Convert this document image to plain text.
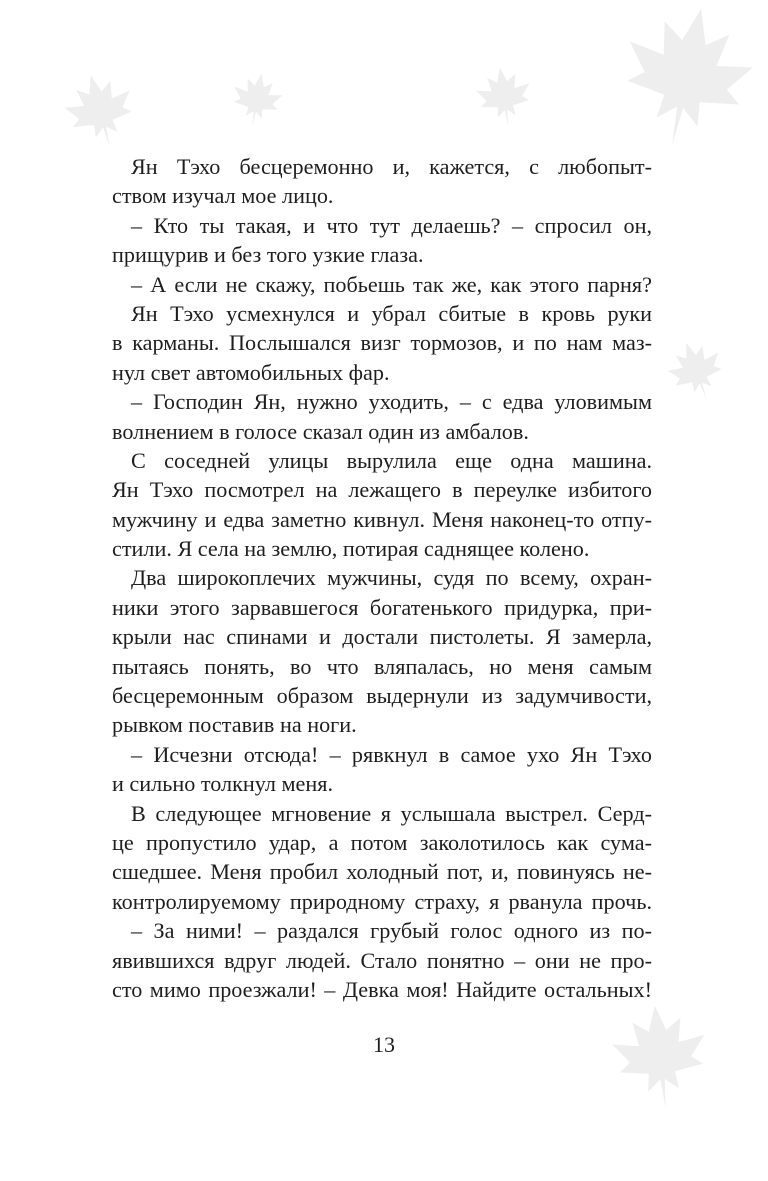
Ян Тэхо бесцеремонно и, кажется, с любопыт-
ством изучал мое лицо.
– Кто ты такая, и что тут делаешь? – спросил он,
прищурив и без того узкие глаза.
– А если не скажу, побьешь так же, как этого парня?
Ян Тэхо усмехнулся и убрал сбитые в кровь руки
в карманы. Послышался визг тормозов, и по нам маз-
нул свет автомобильных фар.
– Господин Ян, нужно уходить, – с едва уловимым
волнением в голосе сказал один из амбалов.
С соседней улицы вырулила еще одна машина.
Ян Тэхо посмотрел на лежащего в переулке избитого
мужчину и едва заметно кивнул. Меня наконец-то отпу-
стили. Я села на землю, потирая саднящее колено.
Два широкоплечих мужчины, судя по всему, охран-
ники этого зарвавшегося богатенького придурка, при-
крыли нас спинами и достали пистолеты. Я замерла,
пытаясь понять, во что вляпалась, но меня самым
бесцеремонным образом выдернули из задумчивости,
рывком поставив на ноги.
– Исчезни отсюда! – рявкнул в самое ухо Ян Тэхо
и сильно толкнул меня.
В следующее мгновение я услышала выстрел. Серд-
це пропустило удар, а потом заколотилось как сума-
сшедшее. Меня пробил холодный пот, и, повинуясь не-
контролируемому природному страху, я рванула прочь.
– За ними! – раздался грубый голос одного из по-
явившихся вдруг людей. Стало понятно – они не про-
сто мимо проезжали! – Девка моя! Найдите остальных!
13
